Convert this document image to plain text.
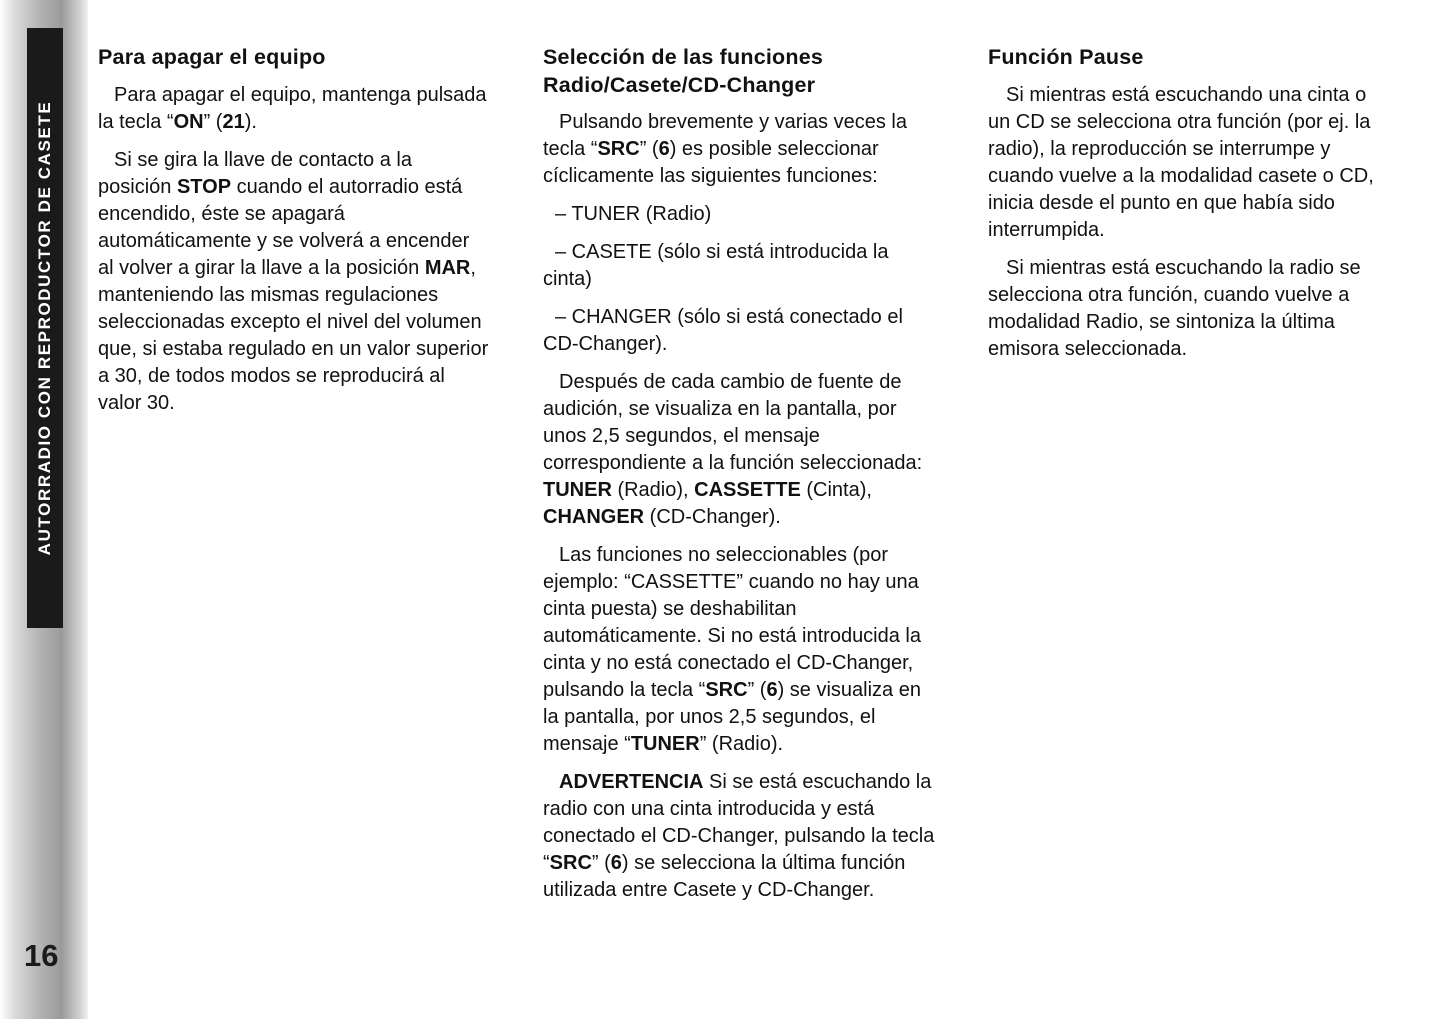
AUTORRADIO CON REPRODUCTOR DE CASETE
16
Para apagar el equipo

Para apagar el equipo, mantenga pulsada la tecla “ON” (21).

Si se gira la llave de contacto a la posición STOP cuando el autorradio está encendido, éste se apagará automáticamente y se volverá a encender al volver a girar la llave a la posición MAR, manteniendo las mismas regulaciones seleccionadas excepto el nivel del volumen que, si estaba regulado en un valor superior a 30, de todos modos se reproducirá al valor 30.

Selección de las funciones Radio/Casete/CD-Changer

Pulsando brevemente y varias veces la tecla “SRC” (6) es posible seleccionar cíclicamente las siguientes funciones:

– TUNER (Radio)

– CASETE (sólo si está introducida la cinta)

– CHANGER (sólo si está conectado el CD-Changer).

Después de cada cambio de fuente de audición, se visualiza en la pantalla, por unos 2,5 segundos, el mensaje correspondiente a la función seleccionada: TUNER (Radio), CASSETTE (Cinta), CHANGER (CD-Changer).

Las funciones no seleccionables (por ejemplo: “CASSETTE” cuando no hay una cinta puesta) se deshabilitan automáticamente. Si no está introducida la cinta y no está conectado el CD-Changer, pulsando la tecla “SRC” (6) se visualiza en la pantalla, por unos 2,5 segundos, el mensaje “TUNER” (Radio).

ADVERTENCIA Si se está escuchando la radio con una cinta introducida y está conectado el CD-Changer, pulsando la tecla “SRC” (6) se selecciona la última función utilizada entre Casete y CD-Changer.

Función Pause

Si mientras está escuchando una cinta o un CD se selecciona otra función (por ej. la radio), la reproducción se interrumpe y cuando vuelve a la modalidad casete o CD, inicia desde el punto en que había sido interrumpida.

Si mientras está escuchando la radio se selecciona otra función, cuando vuelve a modalidad Radio, se sintoniza la última emisora seleccionada.
